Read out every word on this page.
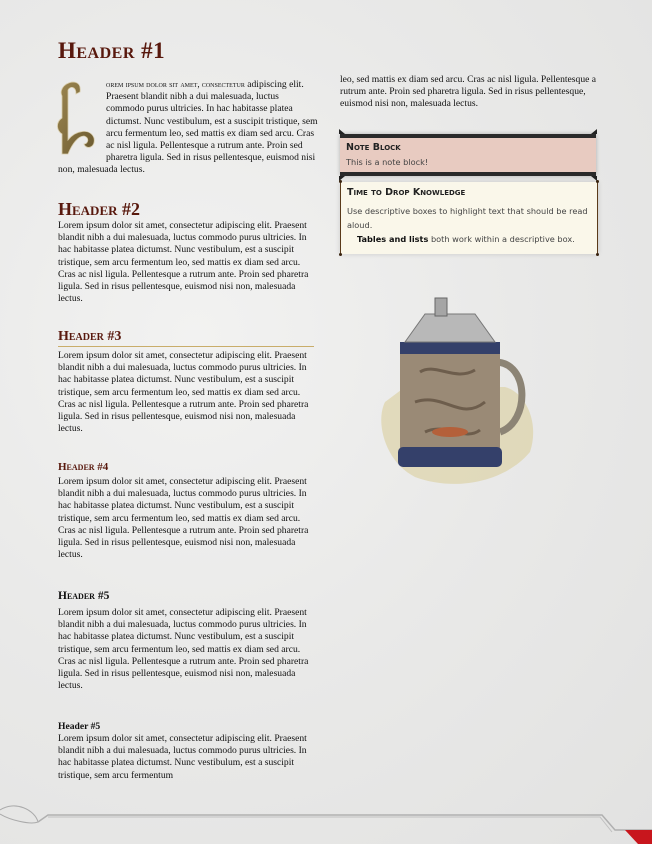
Header #1
orem ipsum dolor sit amet, consectetur adipiscing elit. Praesent blandit nibh a dui malesuada, luctus commodo purus ultricies. In hac habitasse platea dictumst. Nunc vestibulum, est a suscipit tristique, sem arcu fermentum leo, sed mattis ex diam sed arcu. Cras ac nisl ligula. Pellentesque a rutrum ante. Proin sed pharetra ligula. Sed in risus pellentesque, euismod nisi non, malesuada lectus.
Header #2

Lorem ipsum dolor sit amet, consectetur adipiscing elit. Praesent blandit nibh a dui malesuada, luctus commodo purus ultricies. In hac habitasse platea dictumst. Nunc vestibulum, est a suscipit tristique, sem arcu fermentum leo, sed mattis ex diam sed arcu. Cras ac nisl ligula. Pellentesque a rutrum ante. Proin sed pharetra ligula. Sed in risus pellentesque, euismod nisi non, malesuada lectus.

Header #3

Lorem ipsum dolor sit amet, consectetur adipiscing elit. Praesent blandit nibh a dui malesuada, luctus commodo purus ultricies. In hac habitasse platea dictumst. Nunc vestibulum, est a suscipit tristique, sem arcu fermentum leo, sed mattis ex diam sed arcu. Cras ac nisl ligula. Pellentesque a rutrum ante. Proin sed pharetra ligula. Sed in risus pellentesque, euismod nisi non, malesuada lectus.

Header #4

Lorem ipsum dolor sit amet, consectetur adipiscing elit. Praesent blandit nibh a dui malesuada, luctus commodo purus ultricies. In hac habitasse platea dictumst. Nunc vestibulum, est a suscipit tristique, sem arcu fermentum leo, sed mattis ex diam sed arcu. Cras ac nisl ligula. Pellentesque a rutrum ante. Proin sed pharetra ligula. Sed in risus pellentesque, euismod nisi non, malesuada lectus.

Header #5

Lorem ipsum dolor sit amet, consectetur adipiscing elit. Praesent blandit nibh a dui malesuada, luctus commodo purus ultricies. In hac habitasse platea dictumst. Nunc vestibulum, est a suscipit tristique, sem arcu fermentum leo, sed mattis ex diam sed arcu. Cras ac nisl ligula. Pellentesque a rutrum ante. Proin sed pharetra ligula. Sed in risus pellentesque, euismod nisi non, malesuada lectus.

Header #5

Lorem ipsum dolor sit amet, consectetur adipiscing elit. Praesent blandit nibh a dui malesuada, luctus commodo purus ultricies. In hac habitasse platea dictumst. Nunc vestibulum, est a suscipit tristique, sem arcu fermentum

leo, sed mattis ex diam sed arcu. Cras ac nisl ligula. Pellentesque a rutrum ante. Proin sed pharetra ligula. Sed in risus pellentesque, euismod nisi non, malesuada lectus.

Note Block
This is a note block!
Time to Drop Knowledge
Use descriptive boxes to highlight text that should be read aloud.
Tables and lists both work within a descriptive box.
